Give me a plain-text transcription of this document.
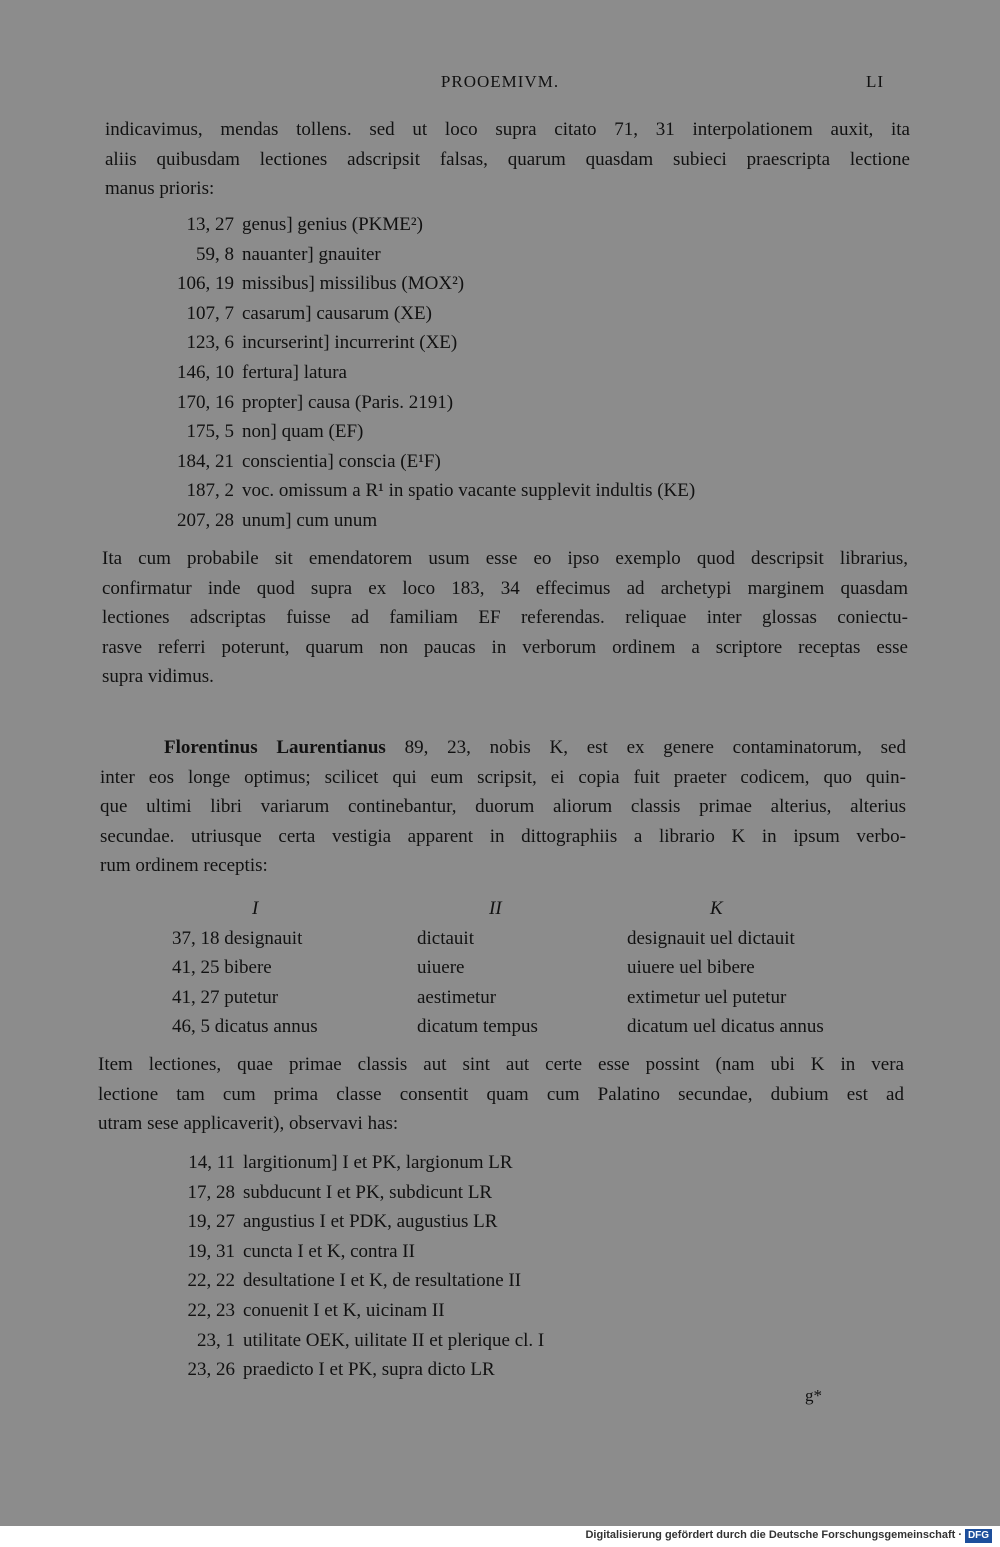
PROOEMIVM.	LI
indicavimus, mendas tollens. sed ut loco supra citato 71, 31 interpolationem auxit, ita
aliis quibusdam lectiones adscripsit falsas, quarum quasdam subieci praescripta lectione
manus prioris:
13, 27 genus] genius (PKME²)
59, 8 nauanter] gnauiter
106, 19 missibus] missilibus (MOX²)
107, 7 casarum] causarum (XE)
123, 6 incurserint] incurrerint (XE)
146, 10 fertura] latura
170, 16 propter] causa (Paris. 2191)
175, 5 non] quam (EF)
184, 21 conscientia] conscia (E¹F)
187, 2 voc. omissum a R¹ in spatio vacante supplevit indultis (KE)
207, 28 unum] cum unum
Ita cum probabile sit emendatorem usum esse eo ipso exemplo quod descripsit librarius,
confirmatur inde quod supra ex loco 183, 34 effecimus ad archetypi marginem quasdam
lectiones adscriptas fuisse ad familiam EF referendas. reliquae inter glossas coniectu-
rasve referri poterunt, quarum non paucas in verborum ordinem a scriptore receptas esse
supra vidimus.
Florentinus Laurentianus 89, 23, nobis K, est ex genere contaminatorum, sed
inter eos longe optimus; scilicet qui eum scripsit, ei copia fuit praeter codicem, quo quin-
que ultimi libri variarum continebantur, duorum aliorum classis primae alterius, alterius
secundae. utriusque certa vestigia apparent in dittographiis a librario K in ipsum verbo-
rum ordinem receptis:
I	II	K
37, 18 designauit	dictauit	designauit uel dictauit
41, 25 bibere	uiuere	uiuere uel bibere
41, 27 putetur	aestimetur	extimetur uel putetur
46, 5 dicatus annus	dicatum tempus	dicatum uel dicatus annus
Item lectiones, quae primae classis aut sint aut certe esse possint (nam ubi K in vera
lectione tam cum prima classe consentit quam cum Palatino secundae, dubium est ad
utram sese applicaverit), observavi has:
14, 11 largitionum] I et PK, largionum LR
17, 28 subducunt I et PK, subdicunt LR
19, 27 angustius I et PDK, augustius LR
19, 31 cuncta I et K, contra II
22, 22 desultatione I et K, de resultatione II
22, 23 conuenit I et K, uicinam II
23, 1 utilitate OEK, uilitate II et plerique cl. I
23, 26 praedicto I et PK, supra dicto LR
g*
Digitalisierung gefördert durch die Deutsche Forschungsgemeinschaft · DFG
